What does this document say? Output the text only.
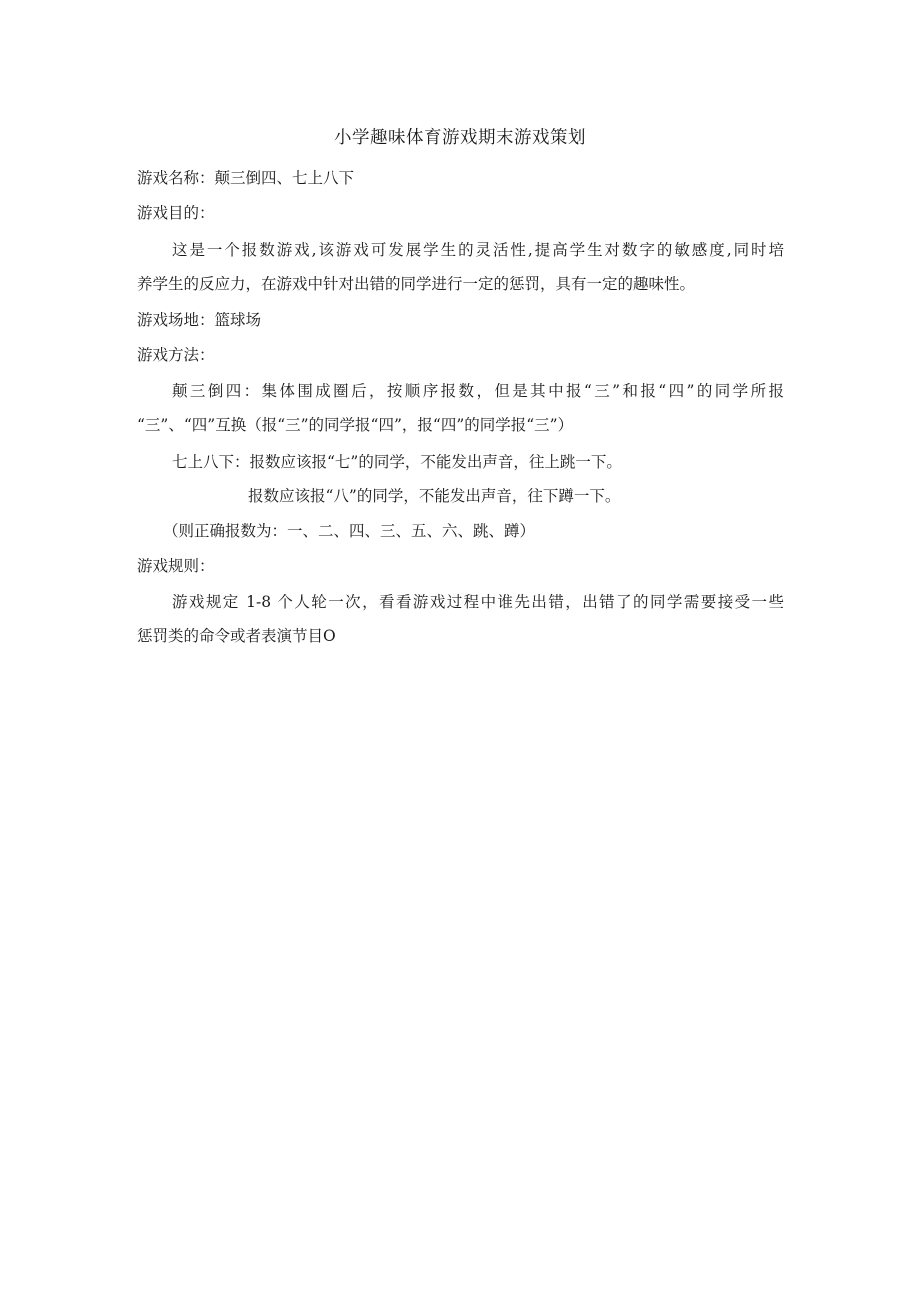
小学趣味体育游戏期末游戏策划
游戏名称：颠三倒四、七上八下
游戏目的：
这是一个报数游戏,该游戏可发展学生的灵活性,提高学生对数字的敏感度,同时培
养学生的反应力，在游戏中针对出错的同学进行一定的惩罚，具有一定的趣味性。
游戏场地：篮球场
游戏方法：
颠三倒四：集体围成圈后，按顺序报数，但是其中报“三”和报“四”的同学所报
“三”、“四”互换（报“三”的同学报“四”，报“四”的同学报“三”）
七上八下：报数应该报“七”的同学，不能发出声音，往上跳一下。
报数应该报“八”的同学，不能发出声音，往下蹲一下。
（则正确报数为：一、二、四、三、五、六、跳、蹲）
游戏规则：
游戏规定 1-8 个人轮一次，看看游戏过程中谁先出错，出错了的同学需要接受一些
惩罚类的命令或者表演节目O
